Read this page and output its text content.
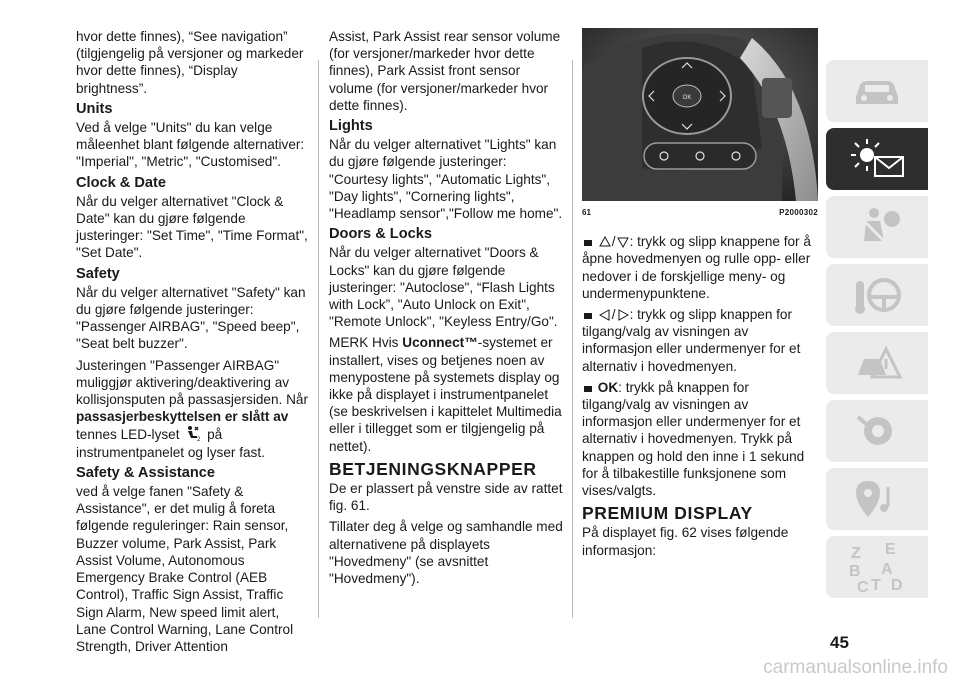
hvor dette finnes), “See navigation” (tilgjengelig på versjoner og markeder hvor dette finnes), “Display brightness”.

Units

Ved å velge "Units" du kan velge måleenhet blant følgende alternativer: "Imperial", "Metric", "Customised".

Clock & Date

Når du velger alternativet "Clock & Date" kan du gjøre følgende justeringer: "Set Time", "Time Format", "Set Date".

Safety

Når du velger alternativet "Safety" kan du gjøre følgende justeringer: "Passenger AIRBAG", "Speed beep", "Seat belt buzzer".

Justeringen "Passenger AIRBAG" muliggjør aktivering/deaktivering av kollisjonsputen på passasjersiden. Når passasjerbeskyttelsen er slått av tennes LED-lyset	2 på instrumentpanelet og lyser fast.

Safety & Assistance

ved å velge fanen "Safety & Assistance", er det mulig å foreta følgende reguleringer: Rain sensor, Buzzer volume, Park Assist, Park Assist Volume, Autonomous Emergency Brake Control (AEB Control), Traffic Sign Assist, Traffic Sign Alarm, New speed limit alert, Lane Control Warning, Lane Control Strength, Driver Attention

Assist, Park Assist rear sensor volume (for versjoner/markeder hvor dette finnes), Park Assist front sensor volume (for versjoner/markeder hvor dette finnes).

Lights

Når du velger alternativet "Lights" kan du gjøre følgende justeringer: "Courtesy lights", "Automatic Lights", "Day lights", "Cornering lights", "Headlamp sensor","Follow me home".

Doors & Locks

Når du velger alternativet "Doors & Locks" kan du gjøre følgende justeringer: "Autoclose", “Flash Lights with Lock”, "Auto Unlock on Exit", "Remote Unlock", "Keyless Entry/Go".

MERK Hvis Uconnect™-systemet er installert, vises og betjenes noen av menypostene på systemets display og ikke på displayet i instrumentpanelet (se beskrivelsen i kapittelet Multimedia eller i tillegget som er tilgjengelig på nettet).

BETJENINGSKNAPPER

De er plassert på venstre side av rattet fig. 61.

Tillater deg å velge og samhandle med alternativene på displayets "Hovedmeny" (se avsnittet "Hovedmeny").

OK
61	P2000302

/ : trykk og slipp knappene for å åpne hovedmenyen og rulle opp- eller nedover i de forskjellige meny- og undermenypunktene.

/ : trykk og slipp knappen for tilgang/valg av visningen av informasjon eller undermenyer for et alternativ i hovedmenyen.

OK: trykk på knappen for tilgang/valg av visningen av informasjon eller undermenyer for et alternativ i hovedmenyen. Trykk på knappen og hold den inne i 1 sekund for å tilbakestille funksjonene som vises/valgts.

PREMIUM DISPLAY

På displayet fig. 62 vises følgende informasjon:	Z E
B A
C T D
45
carmanualsonline.info
